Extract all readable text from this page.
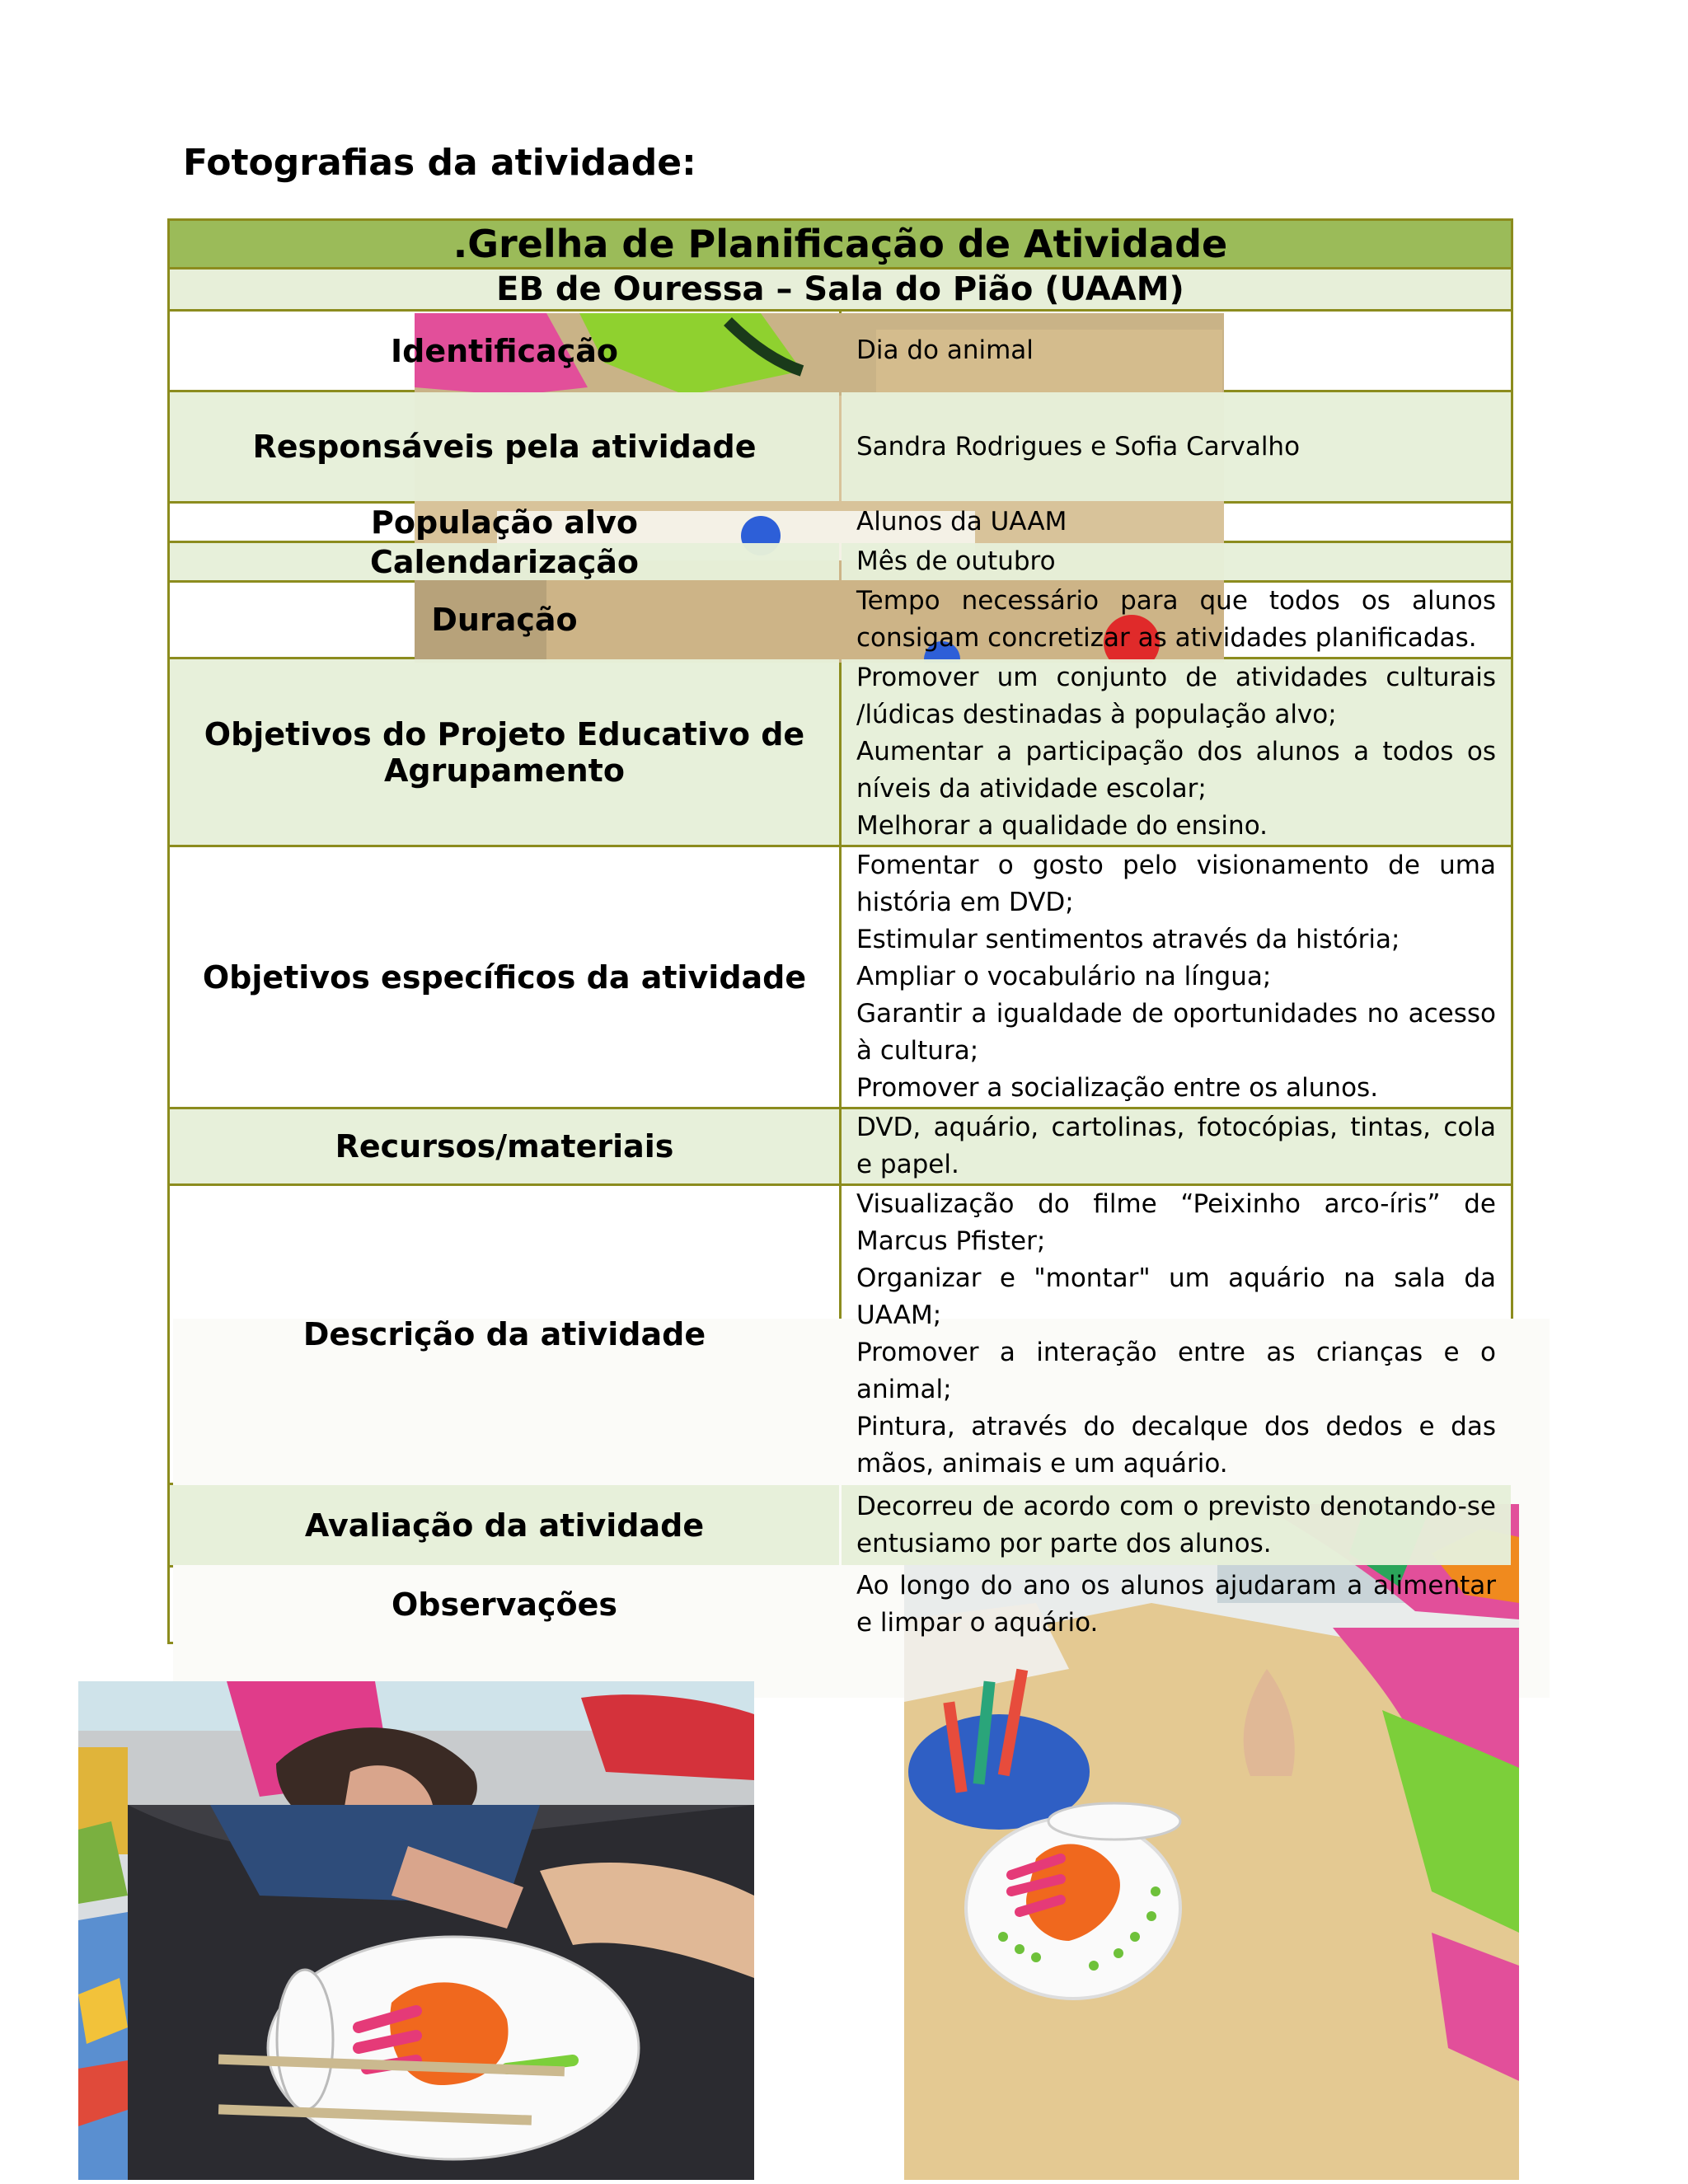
Fotografias da atividade:
.Grelha de Planificação de Atividade	
EB de Ouressa – Sala do Pião (UAAM)	
Identificação	Dia do animal
Responsáveis pela atividade	Sandra Rodrigues e Sofia Carvalho
População alvo	Alunos da UAAM
Calendarização	Mês de outubro
Duração	Tempo necessário para que todos os alunos consigam concretizar as atividades planificadas.
Objetivos do Projeto Educativo de Agrupamento	Promover um conjunto de atividades culturais /lúdicas destinadas à população alvo;
Aumentar a participação dos alunos a todos os níveis da atividade escolar;
Melhorar a qualidade do ensino.

Objetivos específicos da atividade	Fomentar o gosto pelo visionamento de uma história em DVD;
Estimular sentimentos através da história;
Ampliar o vocabulário na língua;
Garantir a igualdade de oportunidades no acesso à cultura;
Promover a socialização entre os alunos.

Recursos/materiais	DVD, aquário, cartolinas, fotocópias, tintas, cola e papel.
Descrição da atividade	Visualização do filme “Peixinho arco-íris” de Marcus Pfister;
Organizar e "montar" um aquário na sala da UAAM;
Promover a interação entre as crianças e o animal;
Pintura, através do decalque dos dedos e das mãos, animais e um aquário.

Avaliação da atividade	Decorreu de acordo com o previsto denotando-se entusiamo por parte dos alunos.
Observações	Ao longo do ano os alunos ajudaram a alimentar e limpar o aquário.
